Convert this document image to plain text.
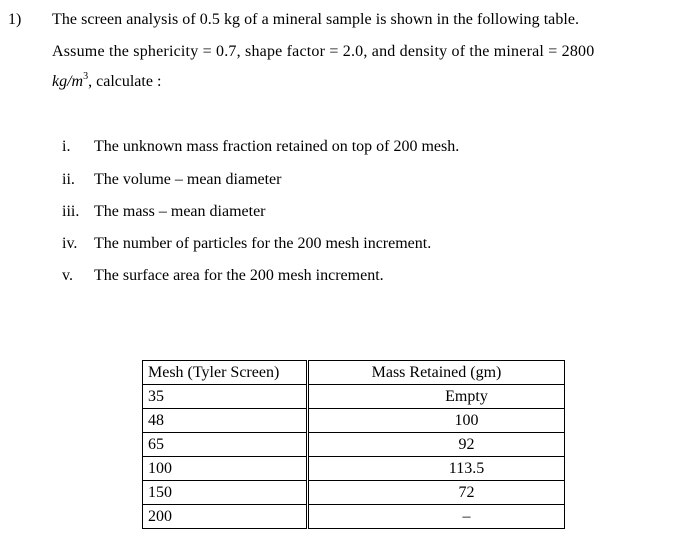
1) The screen analysis of 0.5 kg of a mineral sample is shown in the following table.
Assume the sphericity = 0.7, shape factor = 2.0, and density of the mineral = 2800
$kg/m^3$, calculate :
i. The unknown mass fraction retained on top of 200 mesh.
ii. The volume – mean diameter
iii. The mass – mean diameter
iv. The number of particles for the 200 mesh increment.
v. The surface area for the 200 mesh increment.
Mesh (Tyler Screen)	Mass Retained (gm)
35	Empty
48	100
65	92
100	113.5
150	72
200	–
